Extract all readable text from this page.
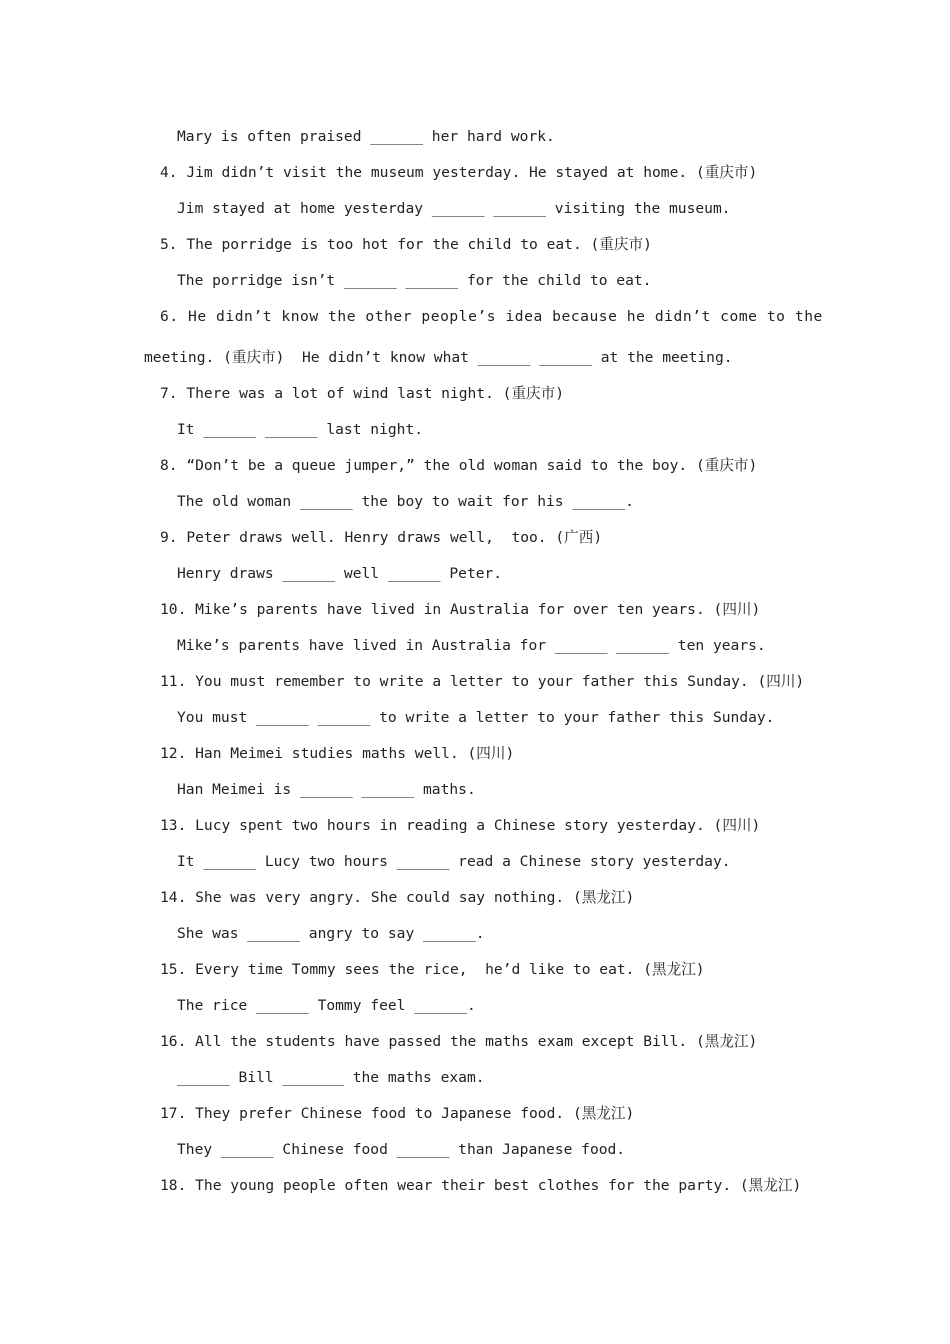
Mary is often praised ______ her hard work.
4. Jim didn’t visit the museum yesterday. He stayed at home. (重庆市)
Jim stayed at home yesterday ______ ______ visiting the museum.
5. The porridge is too hot for the child to eat. (重庆市)
The porridge isn’t ______ ______ for the child to eat.
6. He didn’t know the other people’s idea because he didn’t come to the
meeting. (重庆市)  He didn’t know what ______ ______ at the meeting.
7. There was a lot of wind last night. (重庆市)
It ______ ______ last night.
8. “Don’t be a queue jumper,” the old woman said to the boy. (重庆市)
The old woman ______ the boy to wait for his ______.
9. Peter draws well. Henry draws well,  too. (广西)
Henry draws ______ well ______ Peter.
10. Mike’s parents have lived in Australia for over ten years. (四川)
Mike’s parents have lived in Australia for ______ ______ ten years.
11. You must remember to write a letter to your father this Sunday. (四川)
You must ______ ______ to write a letter to your father this Sunday.
12. Han Meimei studies maths well. (四川)
Han Meimei is ______ ______ maths.
13. Lucy spent two hours in reading a Chinese story yesterday. (四川)
It ______ Lucy two hours ______ read a Chinese story yesterday.
14. She was very angry. She could say nothing. (黑龙江)
She was ______ angry to say ______.
15. Every time Tommy sees the rice,  he’d like to eat. (黑龙江)
The rice ______ Tommy feel ______.
16. All the students have passed the maths exam except Bill. (黑龙江)
______ Bill _______ the maths exam.
17. They prefer Chinese food to Japanese food. (黑龙江)
They ______ Chinese food ______ than Japanese food.
18. The young people often wear their best clothes for the party. (黑龙江)
